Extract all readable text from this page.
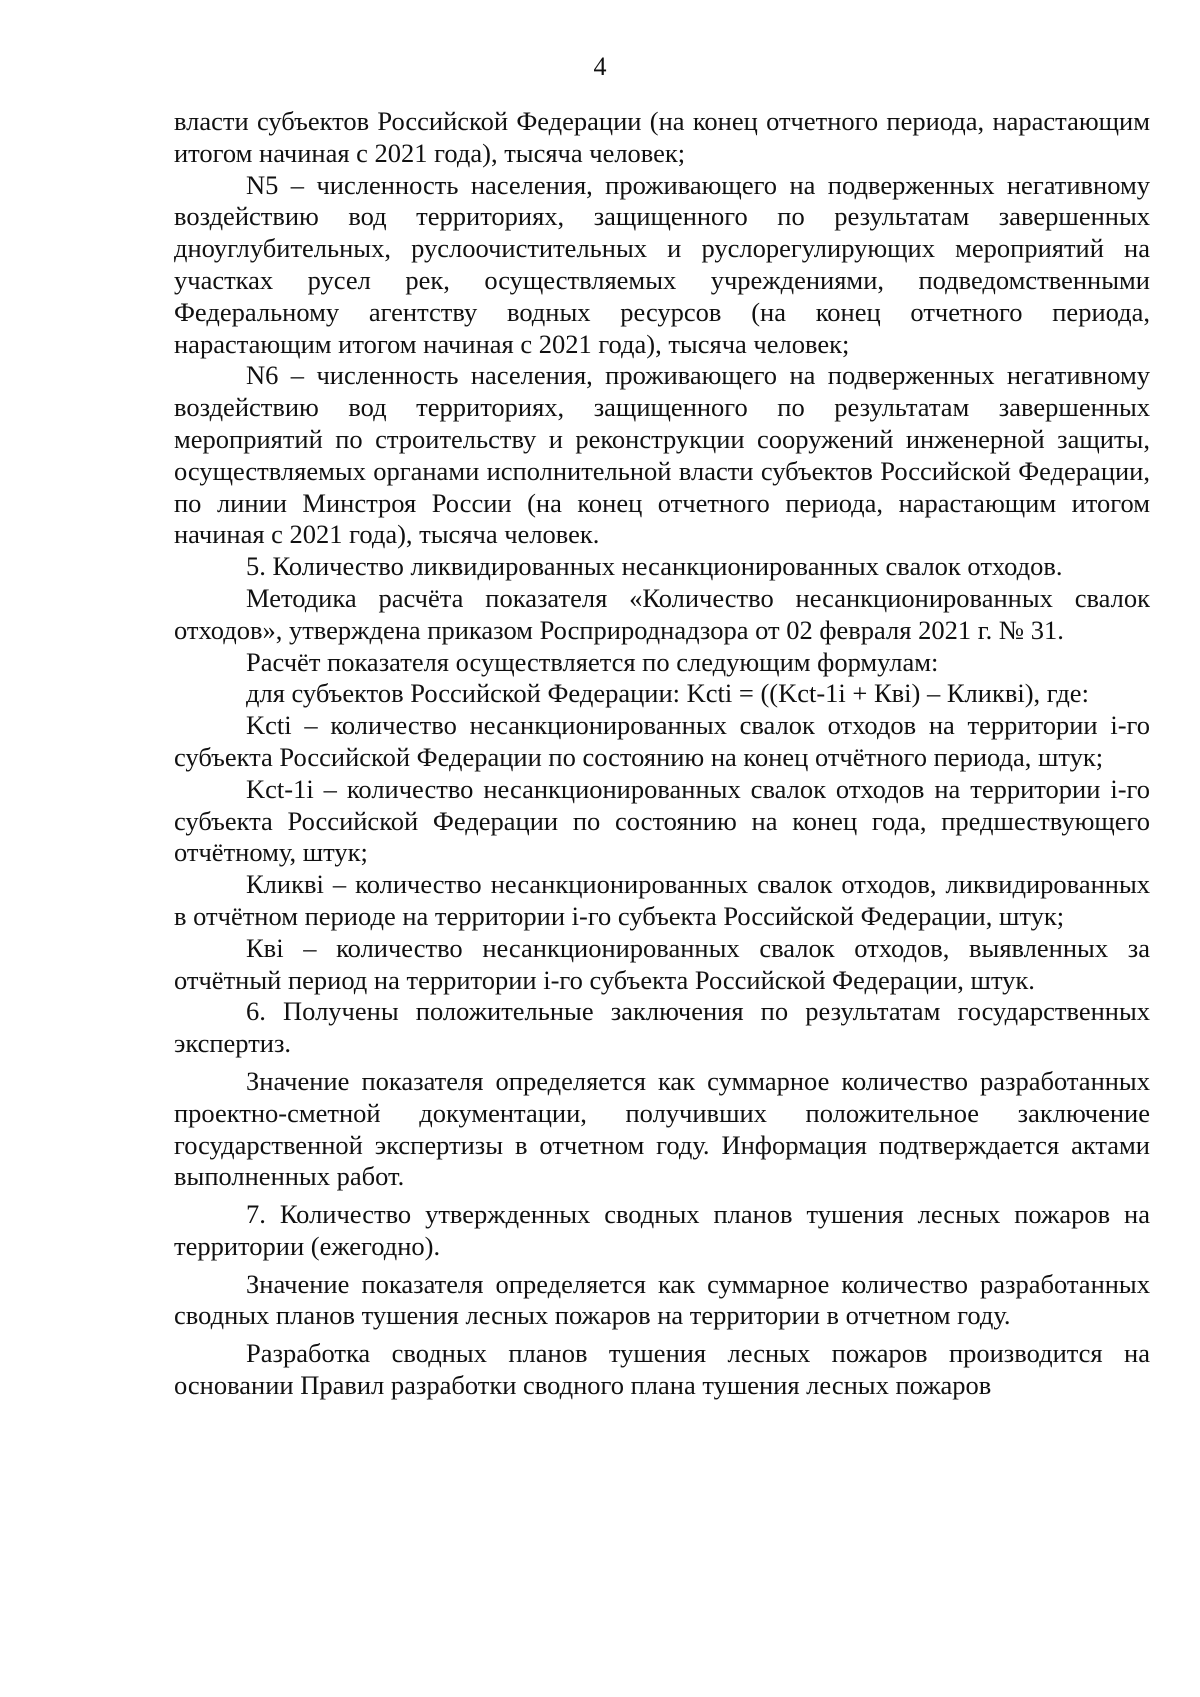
4

власти субъектов Российской Федерации (на конец отчетного периода, нарастающим итогом начиная с 2021 года), тысяча человек;

N5 – численность населения, проживающего на подверженных негативному воздействию вод территориях, защищенного по результатам завершенных дноуглубительных, руслоочистительных и руслорегулирующих мероприятий на участках русел рек, осуществляемых учреждениями, подведомственными Федеральному агентству водных ресурсов (на конец отчетного периода, нарастающим итогом начиная с 2021 года), тысяча человек;

N6 – численность населения, проживающего на подверженных негативному воздействию вод территориях, защищенного по результатам завершенных мероприятий по строительству и реконструкции сооружений инженерной защиты, осуществляемых органами исполнительной власти субъектов Российской Федерации, по линии Минстроя России (на конец отчетного периода, нарастающим итогом начиная с 2021 года), тысяча человек.

5. Количество ликвидированных несанкционированных свалок отходов.

Методика расчёта показателя «Количество несанкционированных свалок отходов», утверждена приказом Росприроднадзора от 02 февраля 2021 г. № 31.

Расчёт показателя осуществляется по следующим формулам:

для субъектов Российской Федерации: Kcti = ((Kct-1i + Квi) – Кликвi), где:

Kcti – количество несанкционированных свалок отходов на территории i-го субъекта Российской Федерации по состоянию на конец отчётного периода, штук;

Kct-1i – количество несанкционированных свалок отходов на территории i-го субъекта Российской Федерации по состоянию на конец года, предшествующего отчётному, штук;

Кликвi – количество несанкционированных свалок отходов, ликвидированных в отчётном периоде на территории i-го субъекта Российской Федерации, штук;

Квi – количество несанкционированных свалок отходов, выявленных за отчётный период на территории i-го субъекта Российской Федерации, штук.

6. Получены положительные заключения по результатам государственных экспертиз.

Значение показателя определяется как суммарное количество разработанных проектно-сметной документации, получивших положительное заключение государственной экспертизы в отчетном году. Информация подтверждается актами выполненных работ.

7. Количество утвержденных сводных планов тушения лесных пожаров на территории (ежегодно).

Значение показателя определяется как суммарное количество разработанных сводных планов тушения лесных пожаров на территории в отчетном году.

Разработка сводных планов тушения лесных пожаров производится на основании Правил разработки сводного плана тушения лесных пожаров
